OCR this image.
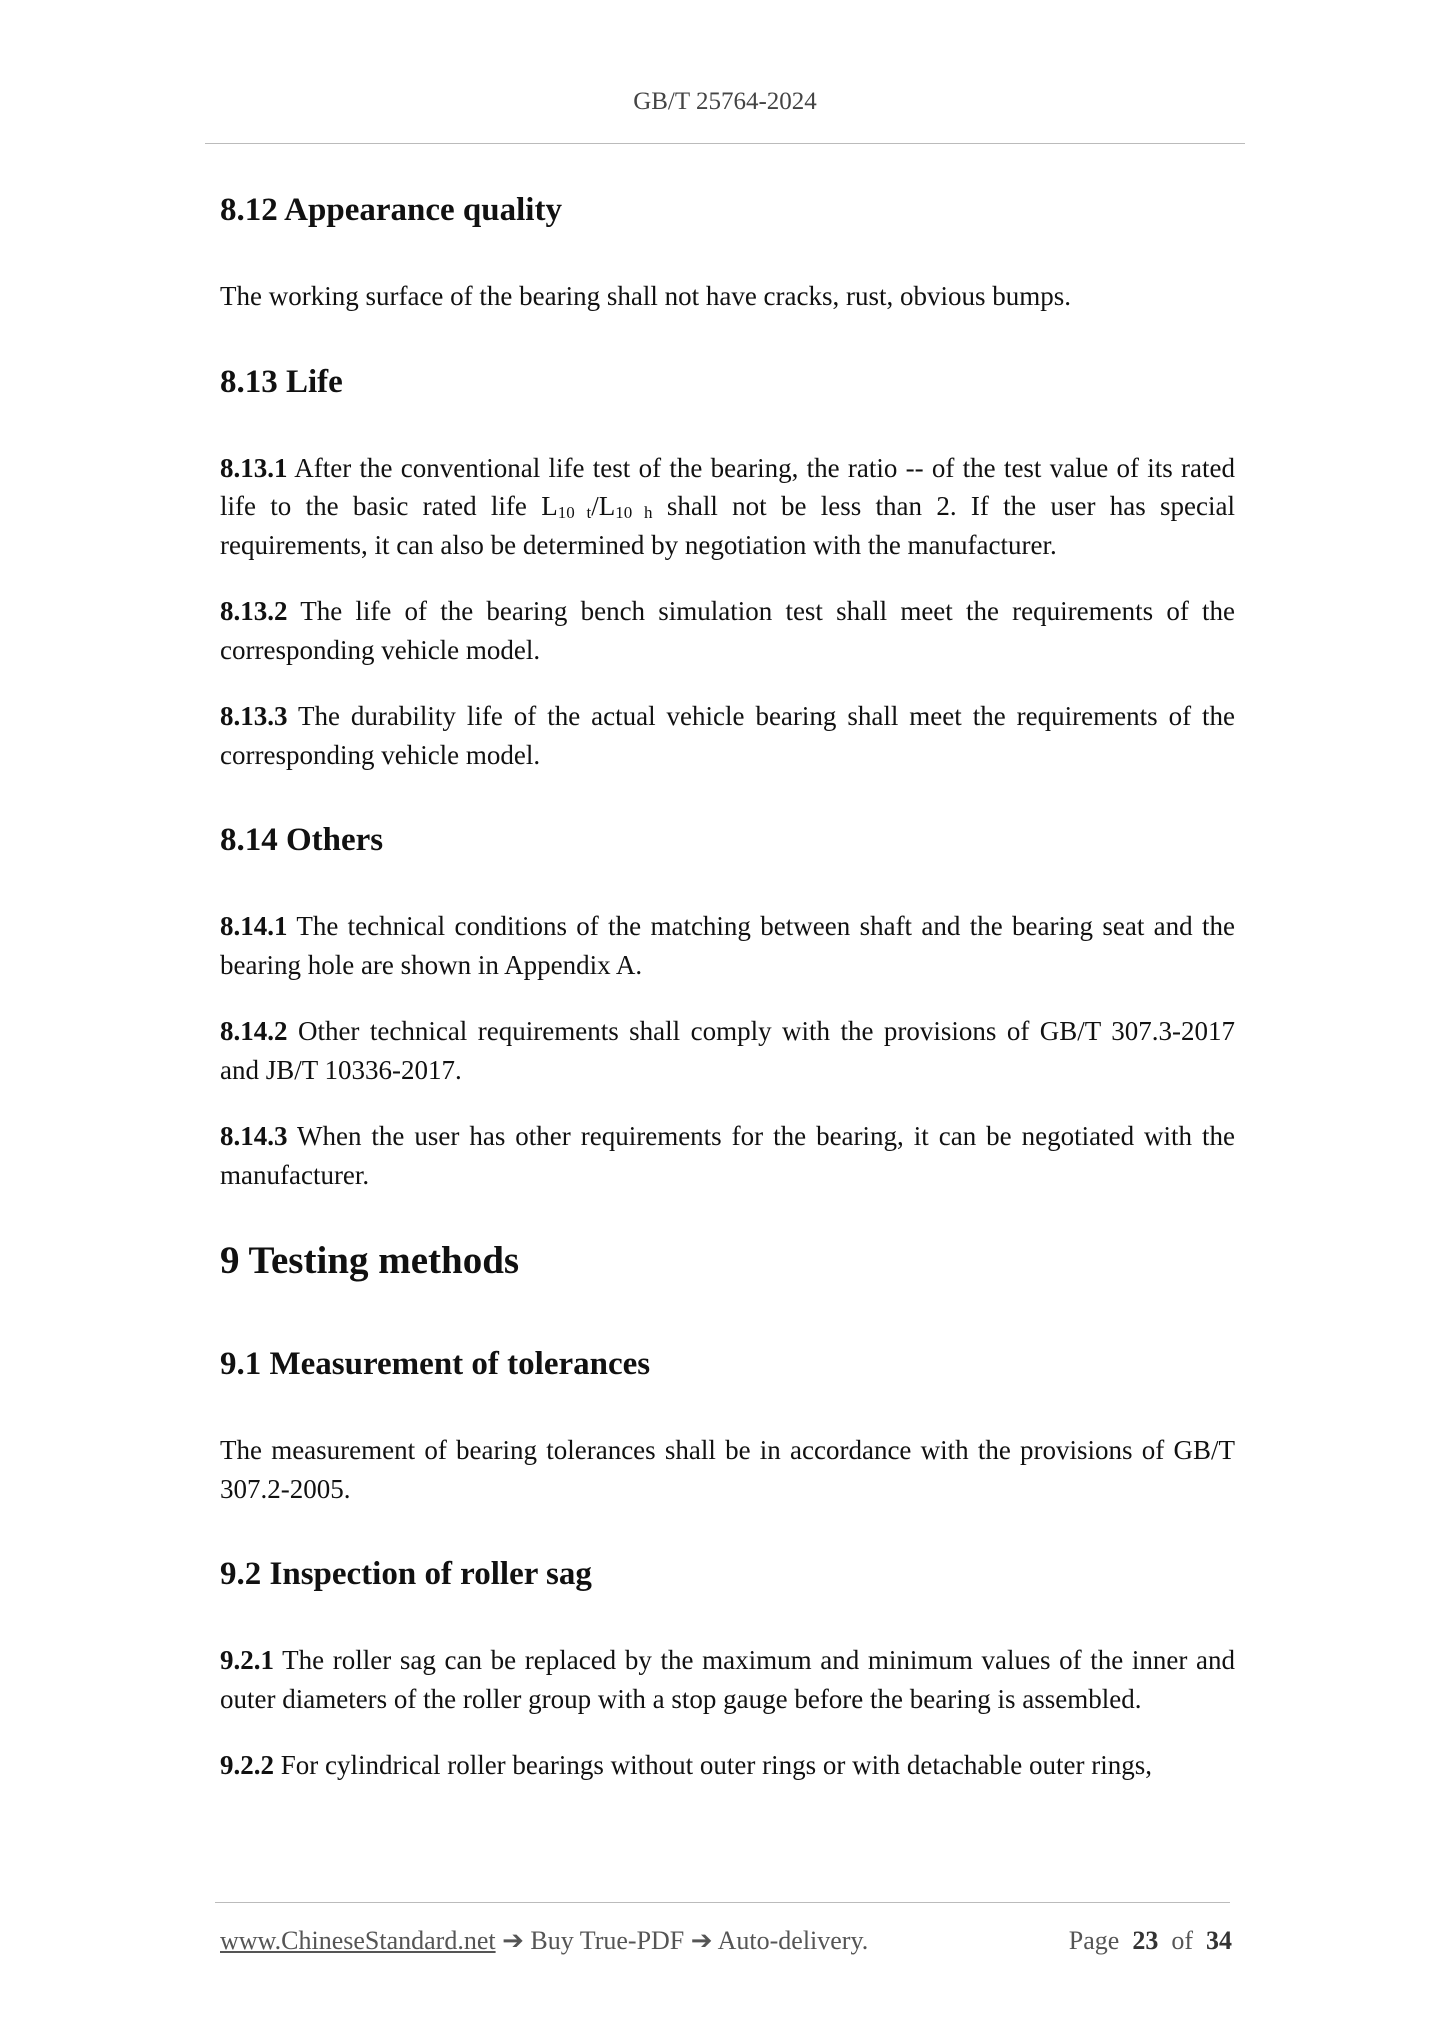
GB/T 25764-2024
8.12 Appearance quality

The working surface of the bearing shall not have cracks, rust, obvious bumps.

8.13 Life

8.13.1 After the conventional life test of the bearing, the ratio -- of the test value of its rated life to the basic rated life $L_{10 t}/L_{10 h}$ shall not be less than 2. If the user has special requirements, it can also be determined by negotiation with the manufacturer.

8.13.2 The life of the bearing bench simulation test shall meet the requirements of the corresponding vehicle model.

8.13.3 The durability life of the actual vehicle bearing shall meet the requirements of the corresponding vehicle model.

8.14 Others

8.14.1 The technical conditions of the matching between shaft and the bearing seat and the bearing hole are shown in Appendix A.

8.14.2 Other technical requirements shall comply with the provisions of GB/T 307.3-2017 and JB/T 10336-2017.

8.14.3 When the user has other requirements for the bearing, it can be negotiated with the manufacturer.

9 Testing methods
9.1 Measurement of tolerances

The measurement of bearing tolerances shall be in accordance with the provisions of GB/T 307.2-2005.

9.2 Inspection of roller sag

9.2.1 The roller sag can be replaced by the maximum and minimum values of the inner and outer diameters of the roller group with a stop gauge before the bearing is assembled.

9.2.2 For cylindrical roller bearings without outer rings or with detachable outer rings,

www.ChineseStandard.net ➔ Buy True-PDF ➔ Auto-delivery.	Page 23 of 34
